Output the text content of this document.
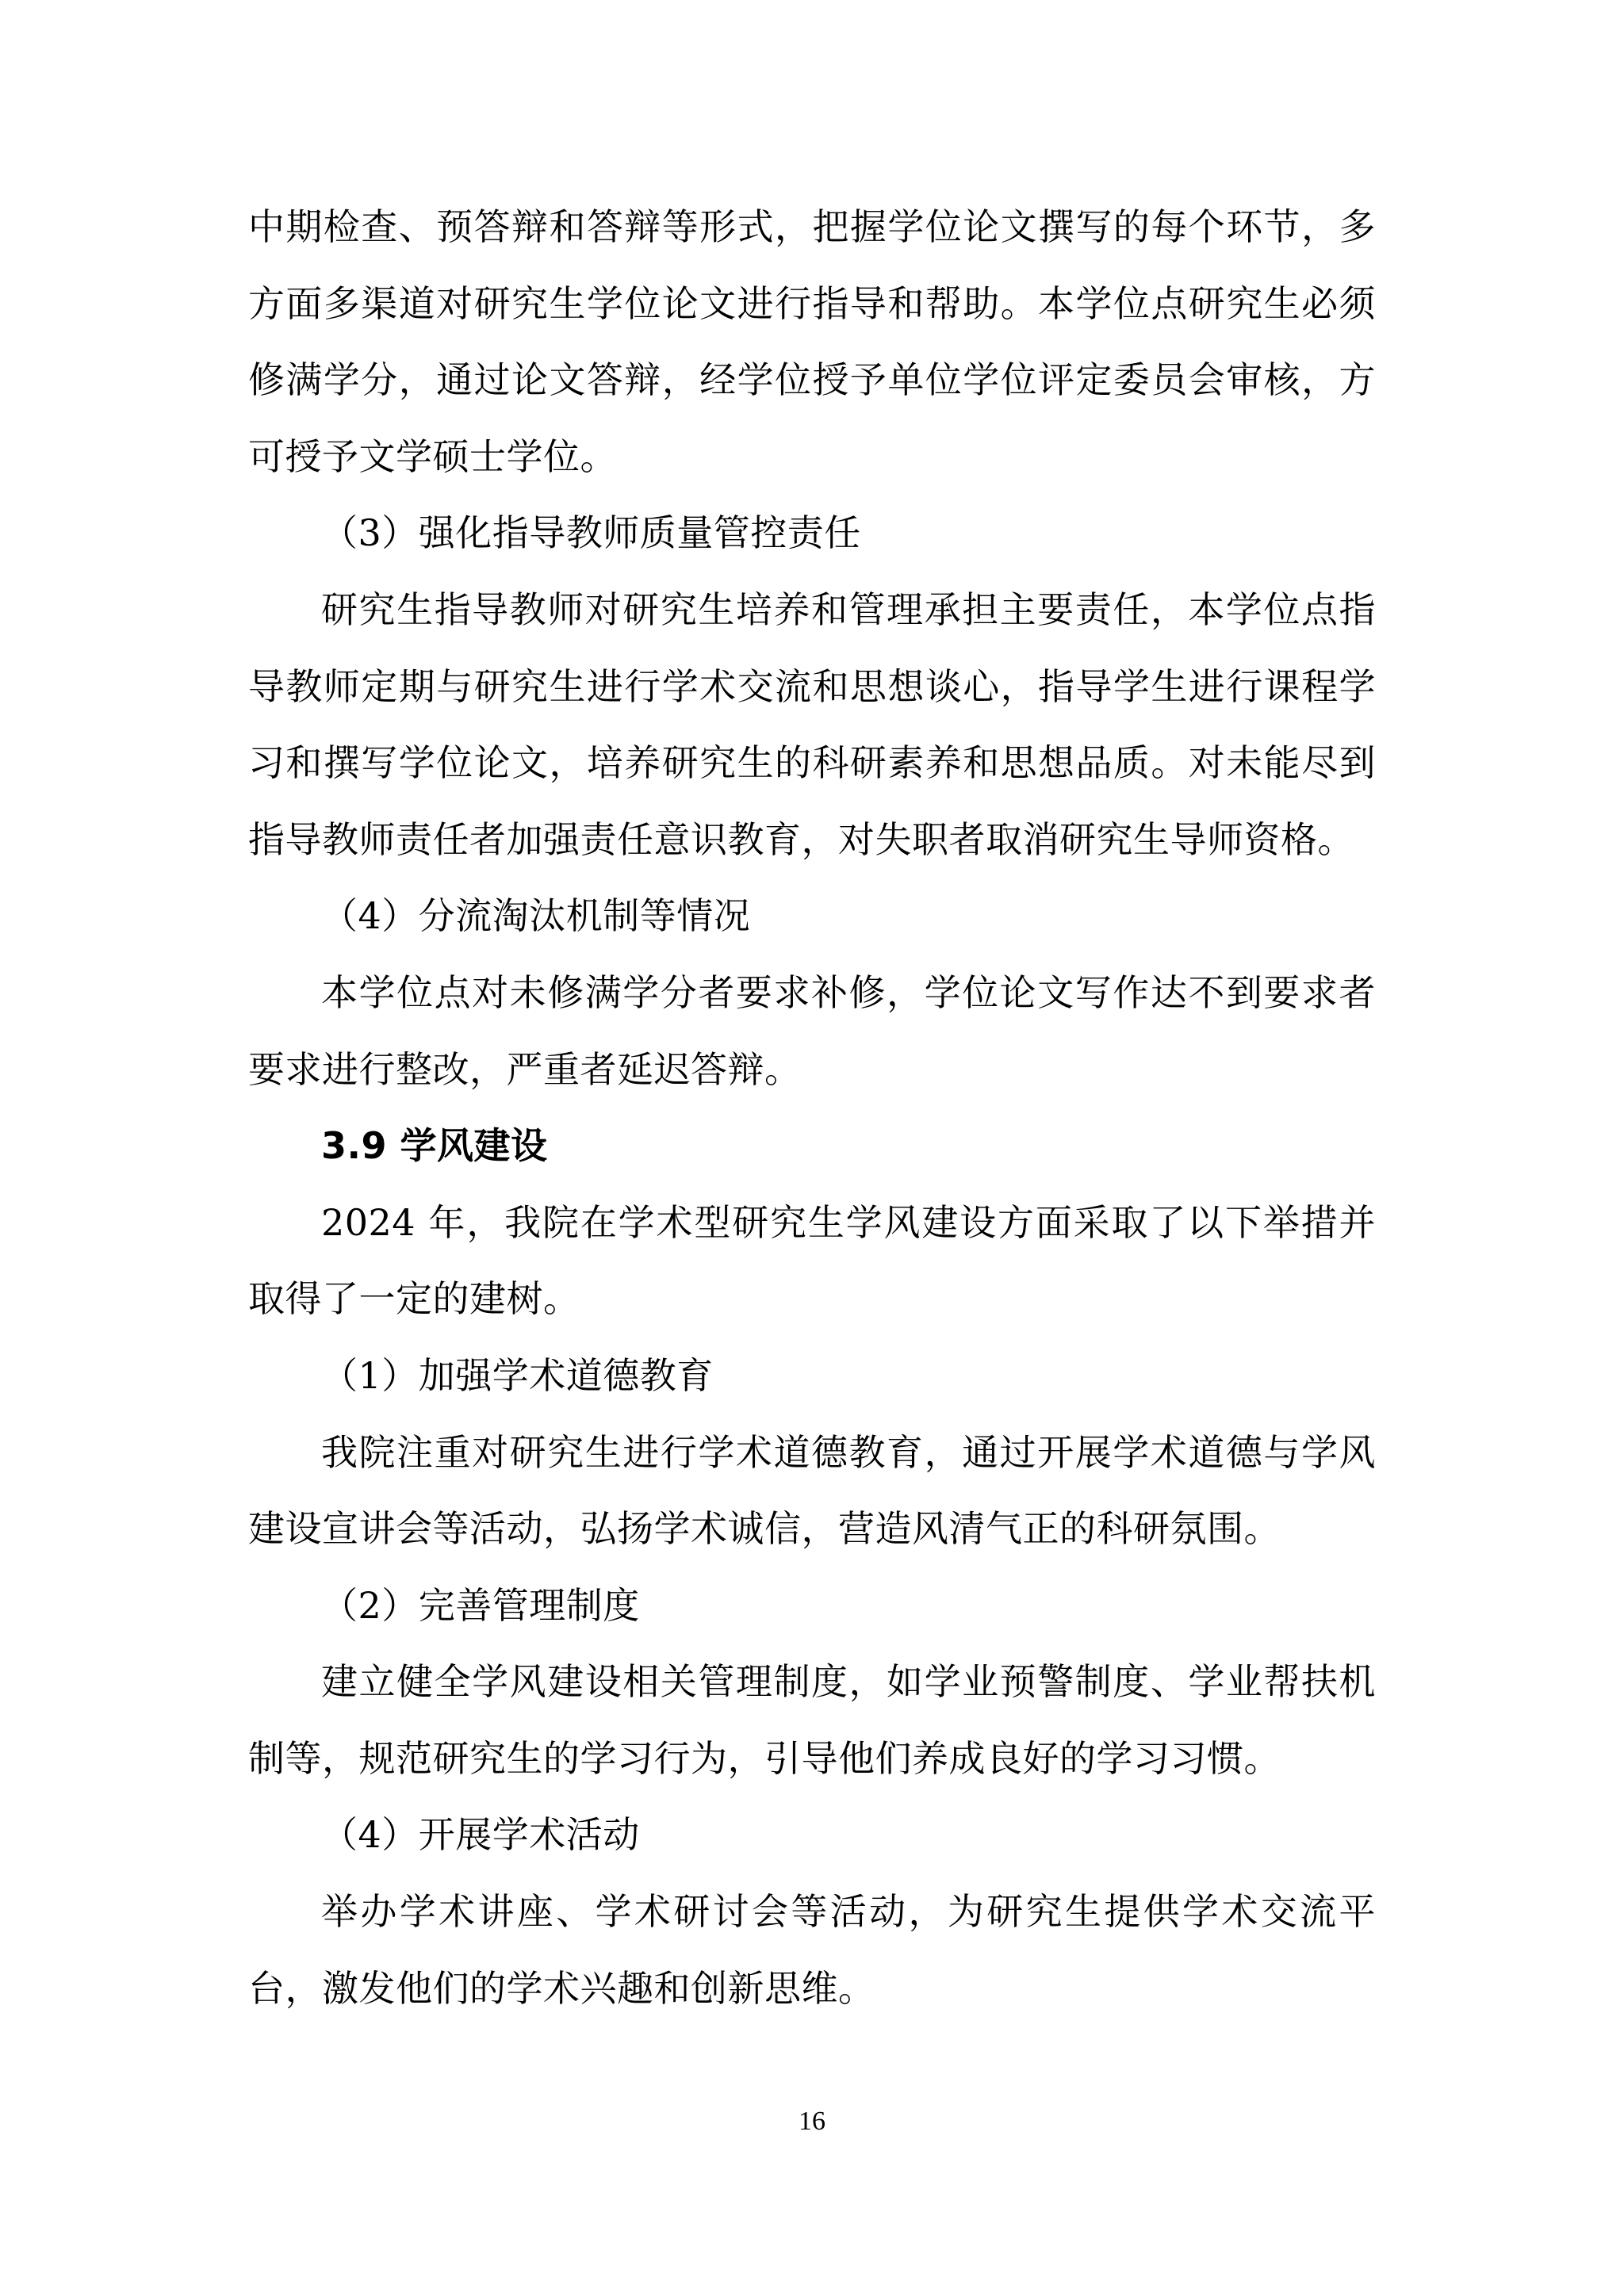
中期检查、预答辩和答辩等形式，把握学位论文撰写的每个环节，多方面多渠道对研究生学位论文进行指导和帮助。本学位点研究生必须修满学分，通过论文答辩，经学位授予单位学位评定委员会审核，方可授予文学硕士学位。

（3）强化指导教师质量管控责任

研究生指导教师对研究生培养和管理承担主要责任，本学位点指导教师定期与研究生进行学术交流和思想谈心，指导学生进行课程学习和撰写学位论文，培养研究生的科研素养和思想品质。对未能尽到指导教师责任者加强责任意识教育，对失职者取消研究生导师资格。

（4）分流淘汰机制等情况

本学位点对未修满学分者要求补修，学位论文写作达不到要求者要求进行整改，严重者延迟答辩。

3.9 学风建设

2024 年，我院在学术型研究生学风建设方面采取了以下举措并取得了一定的建树。

（1）加强学术道德教育

我院注重对研究生进行学术道德教育，通过开展学术道德与学风建设宣讲会等活动，弘扬学术诚信，营造风清气正的科研氛围。

（2）完善管理制度

建立健全学风建设相关管理制度，如学业预警制度、学业帮扶机制等，规范研究生的学习行为，引导他们养成良好的学习习惯。

（4）开展学术活动

举办学术讲座、学术研讨会等活动，为研究生提供学术交流平台，激发他们的学术兴趣和创新思维。

16
